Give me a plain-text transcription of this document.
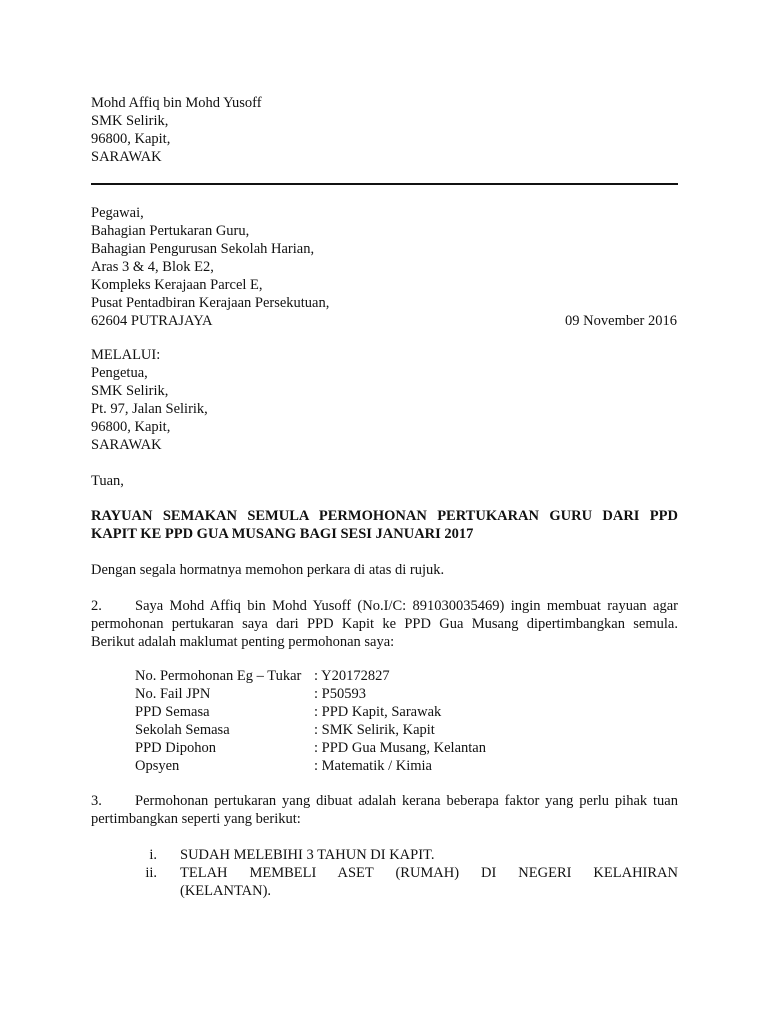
Mohd Affiq bin Mohd Yusoff
SMK Selirik,
96800, Kapit,
SARAWAK
Pegawai,
Bahagian Pertukaran Guru,
Bahagian Pengurusan Sekolah Harian,
Aras 3 & 4, Blok E2,
Kompleks Kerajaan Parcel E,
Pusat Pentadbiran Kerajaan Persekutuan,
62604 PUTRAJAYA	09 November 2016
MELALUI:
Pengetua,
SMK Selirik,
Pt. 97, Jalan Selirik,
96800, Kapit,
SARAWAK
Tuan,
RAYUAN SEMAKAN SEMULA PERMOHONAN PERTUKARAN GURU DARI PPD
KAPIT KE PPD GUA MUSANG BAGI SESI JANUARI 2017
Dengan segala hormatnya memohon perkara di atas di rujuk.
2. Saya Mohd Affiq bin Mohd Yusoff (No.I/C: 891030035469) ingin membuat rayuan agar
permohonan pertukaran saya dari PPD Kapit ke PPD Gua Musang dipertimbangkan semula.
Berikut adalah maklumat penting permohonan saya:
No. Permohonan Eg – Tukar : Y20172827
No. Fail JPN	: P50593
PPD Semasa	: PPD Kapit, Sarawak
Sekolah Semasa	: SMK Selirik, Kapit
PPD Dipohon	: PPD Gua Musang, Kelantan
Opsyen	: Matematik / Kimia
3. Permohonan pertukaran yang dibuat adalah kerana beberapa faktor yang perlu pihak tuan
pertimbangkan seperti yang berikut:
i. SUDAH MELEBIHI 3 TAHUN DI KAPIT.
ii. TELAH MEMBELI ASET (RUMAH) DI NEGERI KELAHIRAN
(KELANTAN).
